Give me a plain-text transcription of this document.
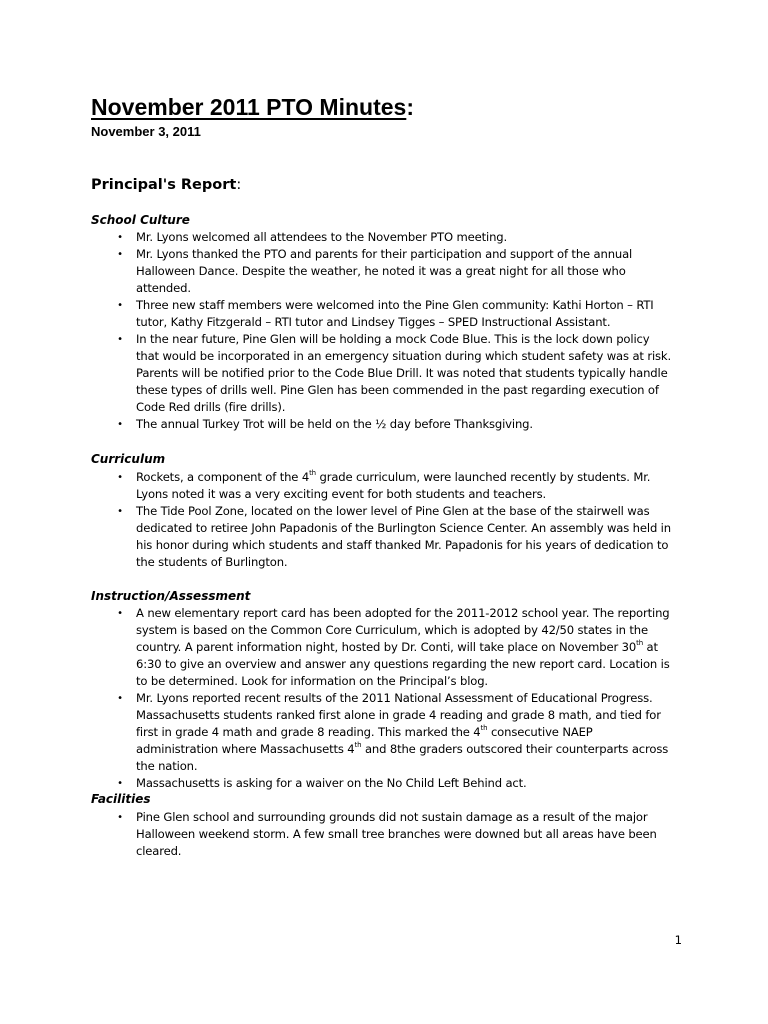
November 2011 PTO Minutes:
November 3, 2011
Principal's Report:
School Culture
• Mr. Lyons welcomed all attendees to the November PTO meeting.
• Mr. Lyons thanked the PTO and parents for their participation and support of the annual Halloween Dance. Despite the weather, he noted it was a great night for all those who attended.
• Three new staff members were welcomed into the Pine Glen community: Kathi Horton – RTI tutor, Kathy Fitzgerald – RTI tutor and Lindsey Tigges – SPED Instructional Assistant.
• In the near future, Pine Glen will be holding a mock Code Blue. This is the lock down policy that would be incorporated in an emergency situation during which student safety was at risk. Parents will be notified prior to the Code Blue Drill. It was noted that students typically handle these types of drills well. Pine Glen has been commended in the past regarding execution of Code Red drills (fire drills).
• The annual Turkey Trot will be held on the ½ day before Thanksgiving.
Curriculum
• Rockets, a component of the 4th grade curriculum, were launched recently by students. Mr. Lyons noted it was a very exciting event for both students and teachers.
• The Tide Pool Zone, located on the lower level of Pine Glen at the base of the stairwell was dedicated to retiree John Papadonis of the Burlington Science Center. An assembly was held in his honor during which students and staff thanked Mr. Papadonis for his years of dedication to the students of Burlington.
Instruction/Assessment
• A new elementary report card has been adopted for the 2011-2012 school year. The reporting system is based on the Common Core Curriculum, which is adopted by 42/50 states in the country. A parent information night, hosted by Dr. Conti, will take place on November 30th at 6:30 to give an overview and answer any questions regarding the new report card. Location is to be determined. Look for information on the Principal’s blog.
• Mr. Lyons reported recent results of the 2011 National Assessment of Educational Progress. Massachusetts students ranked first alone in grade 4 reading and grade 8 math, and tied for first in grade 4 math and grade 8 reading. This marked the 4th consecutive NAEP administration where Massachusetts 4th and 8the graders outscored their counterparts across the nation.
• Massachusetts is asking for a waiver on the No Child Left Behind act.
Facilities
• Pine Glen school and surrounding grounds did not sustain damage as a result of the major Halloween weekend storm. A few small tree branches were downed but all areas have been cleared.
1
